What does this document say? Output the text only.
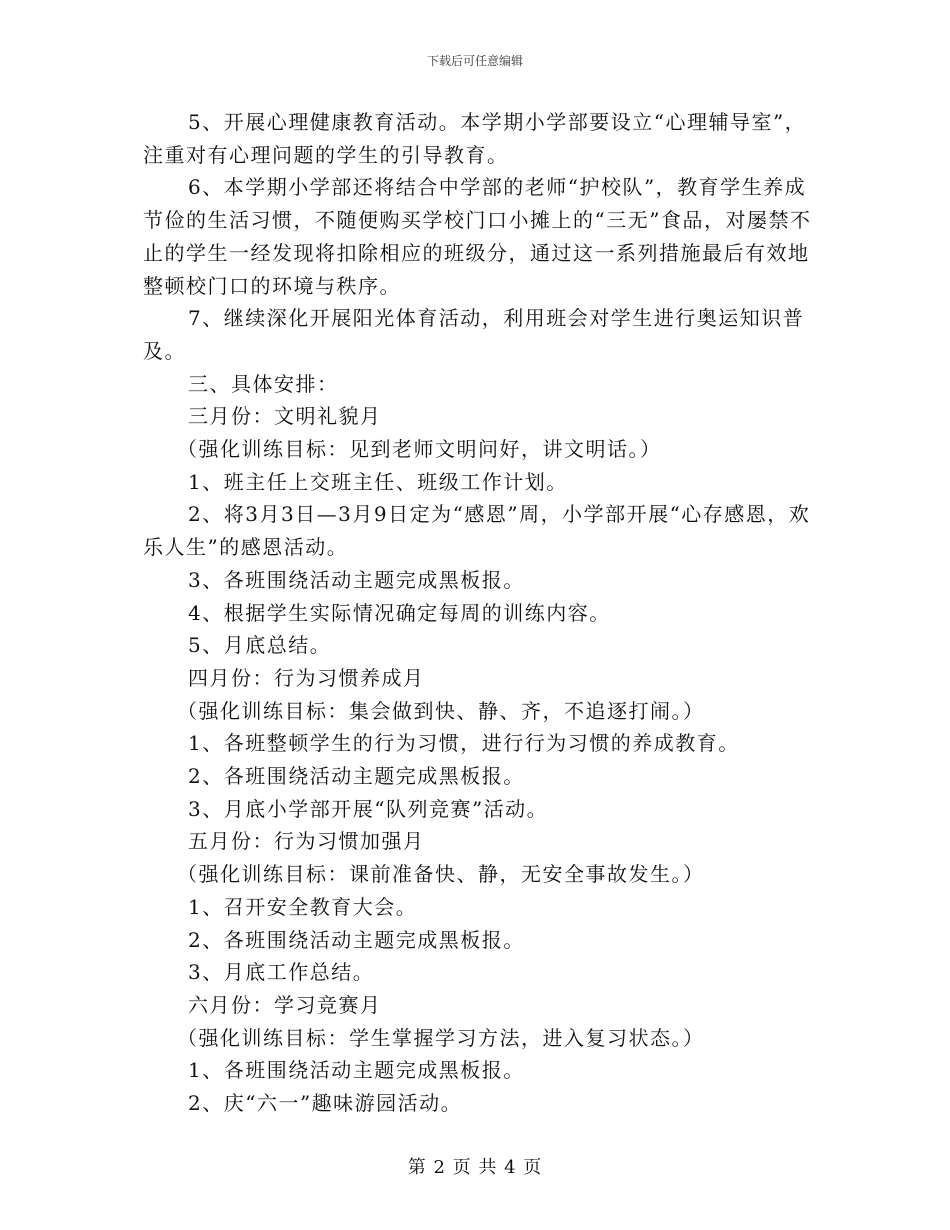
下载后可任意编辑

5、开展心理健康教育活动。本学期小学部要设立“心理辅导室”，注重对有心理问题的学生的引导教育。

6、本学期小学部还将结合中学部的老师“护校队”，教育学生养成节俭的生活习惯，不随便购买学校门口小摊上的“三无”食品，对屡禁不止的学生一经发现将扣除相应的班级分，通过这一系列措施最后有效地整顿校门口的环境与秩序。

7、继续深化开展阳光体育活动，利用班会对学生进行奥运知识普及。

三、具体安排：

三月份：文明礼貌月

（强化训练目标：见到老师文明问好，讲文明话。）

1、班主任上交班主任、班级工作计划。

2、将3月3日—3月9日定为“感恩”周，小学部开展“心存感恩，欢乐人生”的感恩活动。

3、各班围绕活动主题完成黑板报。

4、根据学生实际情况确定每周的训练内容。

5、月底总结。

四月份：行为习惯养成月

（强化训练目标：集会做到快、静、齐，不追逐打闹。）

1、各班整顿学生的行为习惯，进行行为习惯的养成教育。

2、各班围绕活动主题完成黑板报。

3、月底小学部开展“队列竞赛”活动。

五月份：行为习惯加强月

（强化训练目标：课前准备快、静，无安全事故发生。）

1、召开安全教育大会。

2、各班围绕活动主题完成黑板报。

3、月底工作总结。

六月份：学习竞赛月

（强化训练目标：学生掌握学习方法，进入复习状态。）

1、各班围绕活动主题完成黑板报。

2、庆“六一”趣味游园活动。

第 2 页 共 4 页
